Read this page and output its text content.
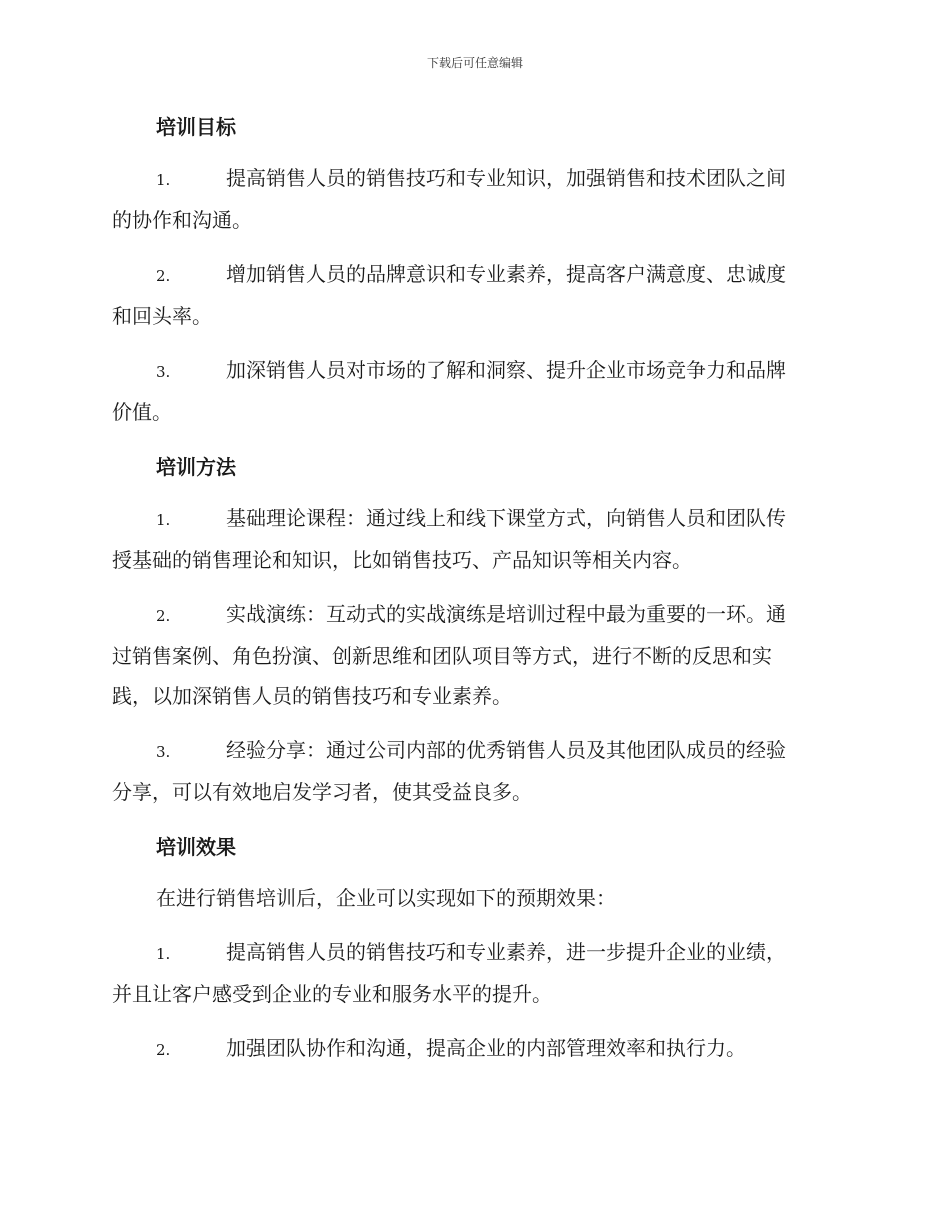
下载后可任意编辑
培训目标
1.	提高销售人员的销售技巧和专业知识，加强销售和技术团队之间
的协作和沟通。
2.	增加销售人员的品牌意识和专业素养，提高客户满意度、忠诚度
和回头率。
3.	加深销售人员对市场的了解和洞察、提升企业市场竞争力和品牌
价值。
培训方法
1.	基础理论课程：通过线上和线下课堂方式，向销售人员和团队传
授基础的销售理论和知识，比如销售技巧、产品知识等相关内容。
2.	实战演练：互动式的实战演练是培训过程中最为重要的一环。通
过销售案例、角色扮演、创新思维和团队项目等方式，进行不断的反思和实
践，以加深销售人员的销售技巧和专业素养。
3.	经验分享：通过公司内部的优秀销售人员及其他团队成员的经验
分享，可以有效地启发学习者，使其受益良多。
培训效果
在进行销售培训后，企业可以实现如下的预期效果：
1.	提高销售人员的销售技巧和专业素养，进一步提升企业的业绩，
并且让客户感受到企业的专业和服务水平的提升。
2.	加强团队协作和沟通，提高企业的内部管理效率和执行力。
